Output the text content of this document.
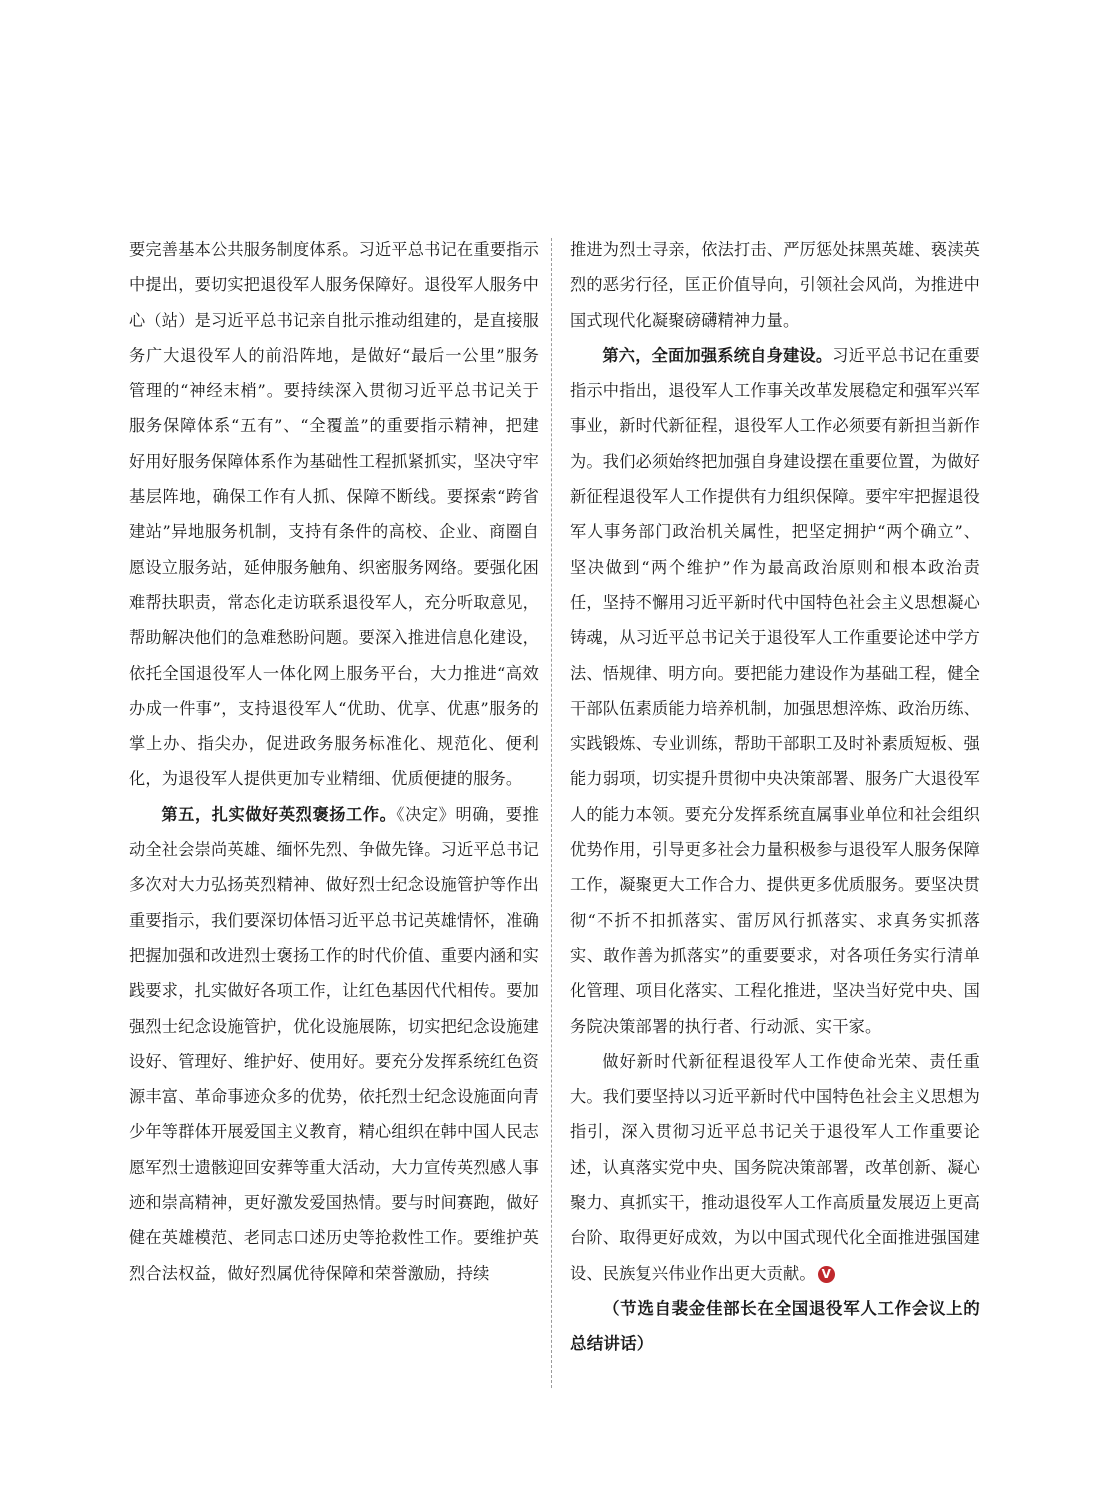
要完善基本公共服务制度体系。习近平总书记在重要指示中提出，要切实把退役军人服务保障好。退役军人服务中心（站）是习近平总书记亲自批示推动组建的，是直接服务广大退役军人的前沿阵地，是做好“最后一公里”服务管理的“神经末梢”。要持续深入贯彻习近平总书记关于服务保障体系“五有”、“全覆盖”的重要指示精神，把建好用好服务保障体系作为基础性工程抓紧抓实，坚决守牢基层阵地，确保工作有人抓、保障不断线。要探索“跨省建站”异地服务机制，支持有条件的高校、企业、商圈自愿设立服务站，延伸服务触角、织密服务网络。要强化困难帮扶职责，常态化走访联系退役军人，充分听取意见，帮助解决他们的急难愁盼问题。要深入推进信息化建设，依托全国退役军人一体化网上服务平台，大力推进“高效办成一件事”，支持退役军人“优助、优享、优惠”服务的掌上办、指尖办，促进政务服务标准化、规范化、便利化，为退役军人提供更加专业精细、优质便捷的服务。

第五，扎实做好英烈褒扬工作。《决定》明确，要推动全社会崇尚英雄、缅怀先烈、争做先锋。习近平总书记多次对大力弘扬英烈精神、做好烈士纪念设施管护等作出重要指示，我们要深切体悟习近平总书记英雄情怀，准确把握加强和改进烈士褒扬工作的时代价值、重要内涵和实践要求，扎实做好各项工作，让红色基因代代相传。要加强烈士纪念设施管护，优化设施展陈，切实把纪念设施建设好、管理好、维护好、使用好。要充分发挥系统红色资源丰富、革命事迹众多的优势，依托烈士纪念设施面向青少年等群体开展爱国主义教育，精心组织在韩中国人民志愿军烈士遗骸迎回安葬等重大活动，大力宣传英烈感人事迹和崇高精神，更好激发爱国热情。要与时间赛跑，做好健在英雄模范、老同志口述历史等抢救性工作。要维护英烈合法权益，做好烈属优待保障和荣誉激励，持续

推进为烈士寻亲，依法打击、严厉惩处抹黑英雄、亵渎英烈的恶劣行径，匡正价值导向，引领社会风尚，为推进中国式现代化凝聚磅礴精神力量。

第六，全面加强系统自身建设。习近平总书记在重要指示中指出，退役军人工作事关改革发展稳定和强军兴军事业，新时代新征程，退役军人工作必须要有新担当新作为。我们必须始终把加强自身建设摆在重要位置，为做好新征程退役军人工作提供有力组织保障。要牢牢把握退役军人事务部门政治机关属性，把坚定拥护“两个确立”、坚决做到“两个维护”作为最高政治原则和根本政治责任，坚持不懈用习近平新时代中国特色社会主义思想凝心铸魂，从习近平总书记关于退役军人工作重要论述中学方法、悟规律、明方向。要把能力建设作为基础工程，健全干部队伍素质能力培养机制，加强思想淬炼、政治历练、实践锻炼、专业训练，帮助干部职工及时补素质短板、强能力弱项，切实提升贯彻中央决策部署、服务广大退役军人的能力本领。要充分发挥系统直属事业单位和社会组织优势作用，引导更多社会力量积极参与退役军人服务保障工作，凝聚更大工作合力、提供更多优质服务。要坚决贯彻“不折不扣抓落实、雷厉风行抓落实、求真务实抓落实、敢作善为抓落实”的重要要求，对各项任务实行清单化管理、项目化落实、工程化推进，坚决当好党中央、国务院决策部署的执行者、行动派、实干家。

做好新时代新征程退役军人工作使命光荣、责任重大。我们要坚持以习近平新时代中国特色社会主义思想为指引，深入贯彻习近平总书记关于退役军人工作重要论述，认真落实党中央、国务院决策部署，改革创新、凝心聚力、真抓实干，推动退役军人工作高质量发展迈上更高台阶、取得更好成效，为以中国式现代化全面推进强国建设、民族复兴伟业作出更大贡献。 V

（节选自裴金佳部长在全国退役军人工作会议上的总结讲话）
